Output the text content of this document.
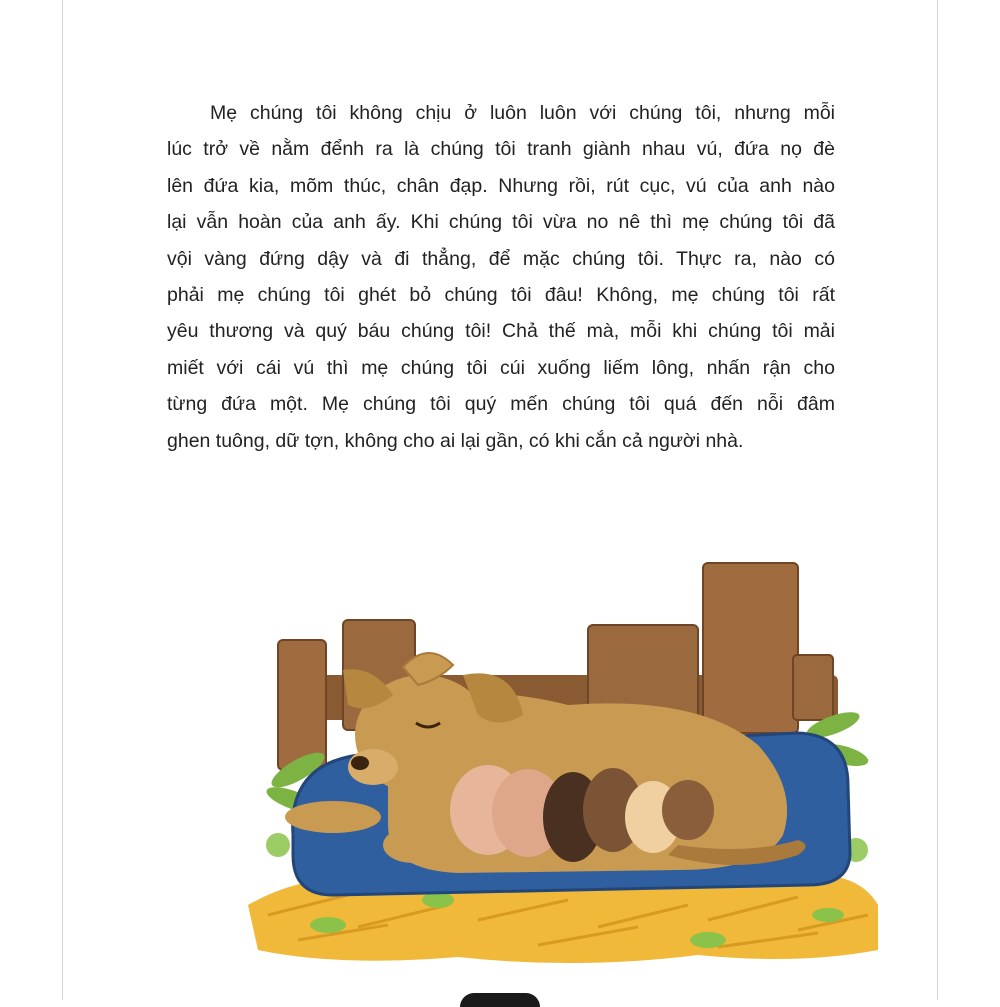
Mẹ chúng tôi không chịu ở luôn luôn với chúng tôi, nhưng mỗi
lúc trở về nằm đểnh ra là chúng tôi tranh giành nhau vú, đứa nọ đè
lên đứa kia, mõm thúc, chân đạp. Nhưng rồi, rút cục, vú của anh nào
lại vẫn hoàn của anh ấy. Khi chúng tôi vừa no nê thì mẹ chúng tôi đã
vội vàng đứng dậy và đi thẳng, để mặc chúng tôi. Thực ra, nào có
phải mẹ chúng tôi ghét bỏ chúng tôi đâu! Không, mẹ chúng tôi rất
yêu thương và quý báu chúng tôi! Chả thế mà, mỗi khi chúng tôi mải
miết với cái vú thì mẹ chúng tôi cúi xuống liếm lông, nhấn rận cho
từng đứa một. Mẹ chúng tôi quý mến chúng tôi quá đến nỗi đâm
ghen tuông, dữ tợn, không cho ai lại gần, có khi cắn cả người nhà.
